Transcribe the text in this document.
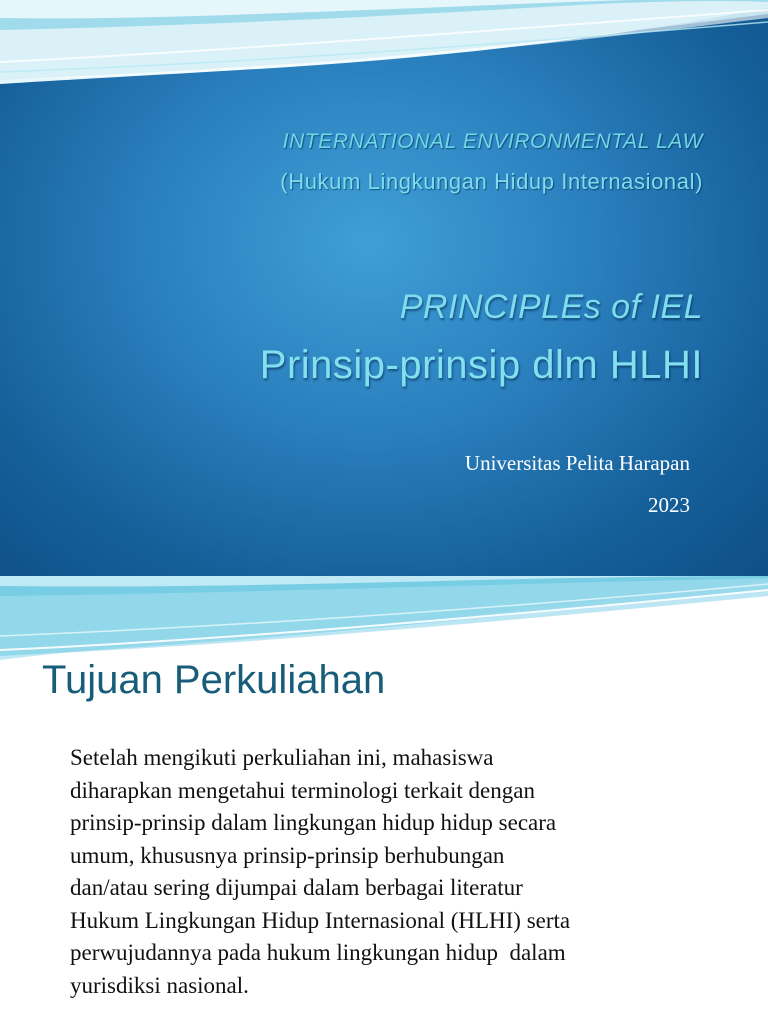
INTERNATIONAL ENVIRONMENTAL LAW

(Hukum Lingkungan Hidup Internasional)

PRINCIPLEs of IEL

Prinsip-prinsip dlm HLHI

Universitas Pelita Harapan

2023

Tujuan Perkuliahan

Setelah mengikuti perkuliahan ini, mahasiswa
diharapkan mengetahui terminologi terkait dengan
prinsip-prinsip dalam lingkungan hidup hidup secara
umum, khususnya prinsip-prinsip berhubungan
dan/atau sering dijumpai dalam berbagai literatur
Hukum Lingkungan Hidup Internasional (HLHI) serta
perwujudannya pada hukum lingkungan hidup  dalam
yurisdiksi nasional.
